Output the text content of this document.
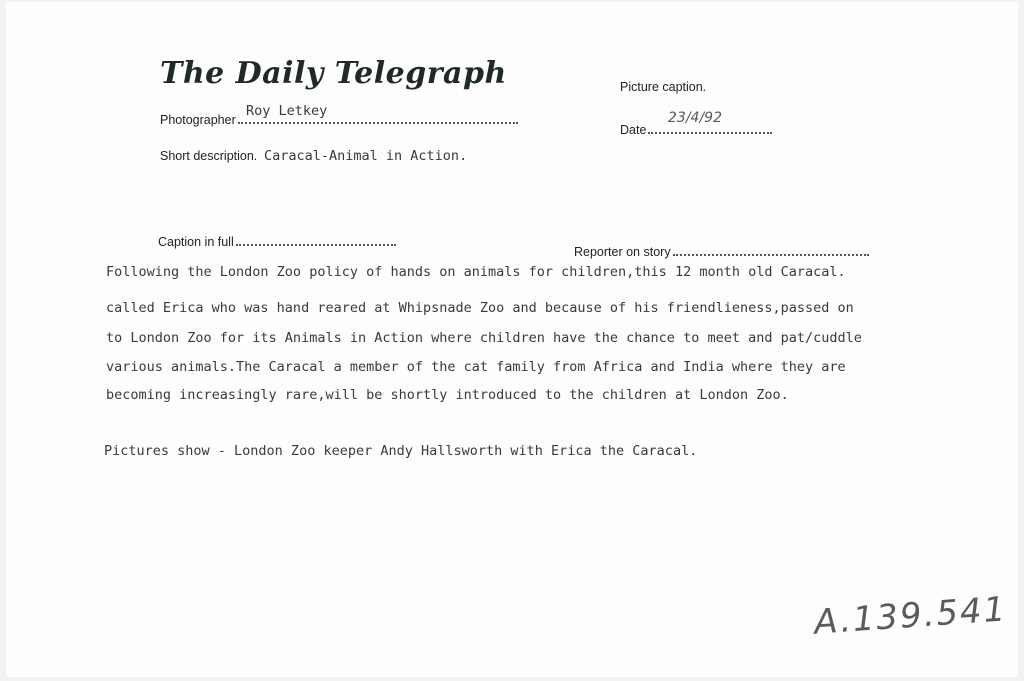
The Daily Telegraph	Picture caption.
Photographer
Roy Letkey
Date
23/4/92
Short description. Caracal-Animal in Action.
Caption in full
Reporter on story
Following the London Zoo policy of hands on animals for children,this 12 month old Caracal.
called Erica who was hand reared at Whipsnade Zoo and because of his friendlieness,passed on
to London Zoo for its Animals in Action where children have the chance to meet and pat/cuddle
various animals.The Caracal a member of the cat family from Africa and India where they are
becoming increasingly rare,will be shortly introduced to the children at London Zoo.
Pictures show - London Zoo keeper Andy Hallsworth with Erica the Caracal.
A.139.541
